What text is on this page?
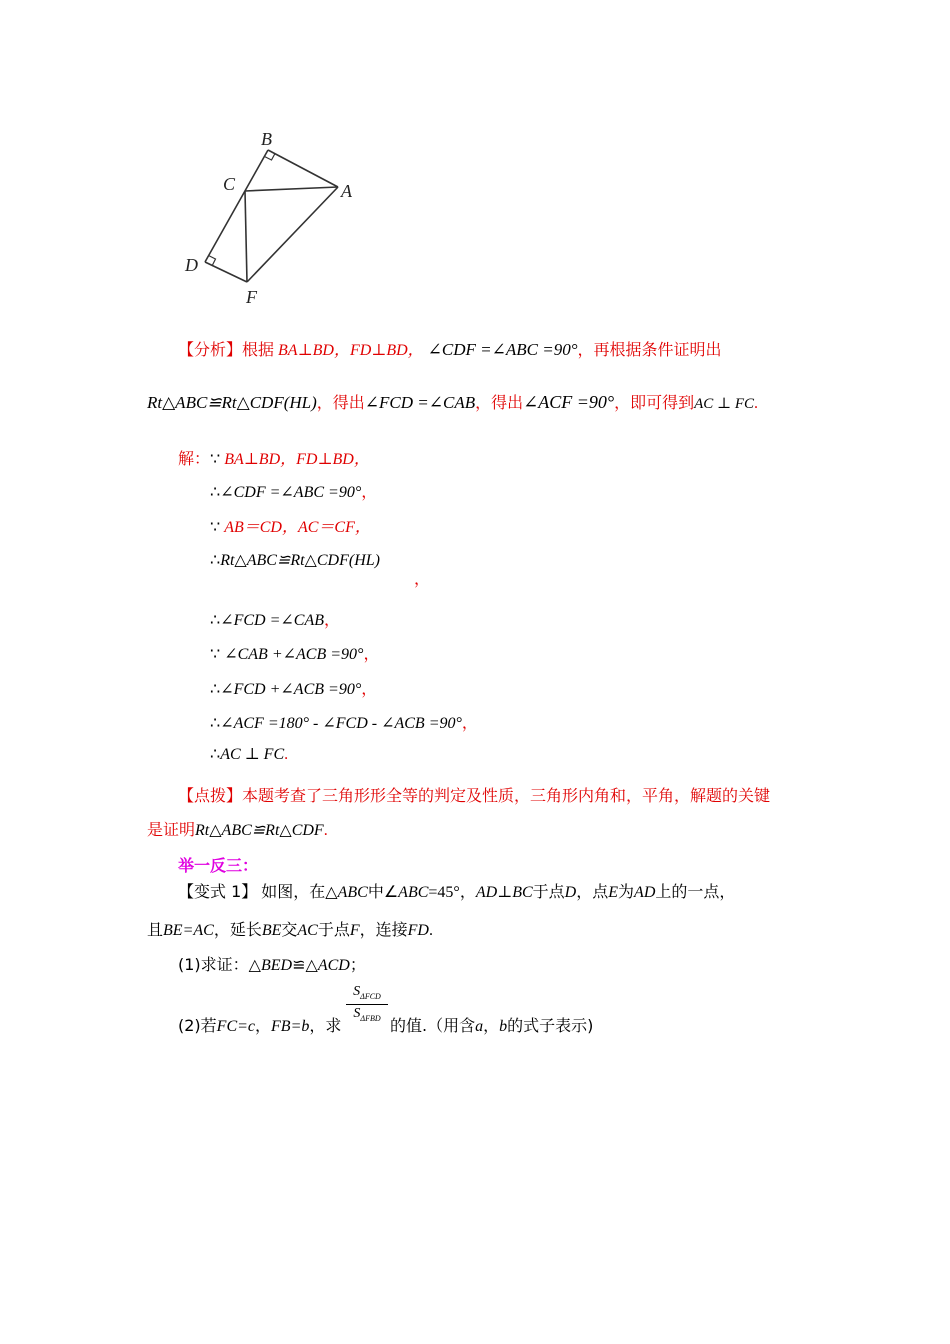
B
C	A
D
F
【分析】根据 BA⊥BD，FD⊥BD， ∠CDF =∠ABC =90°，再根据条件证明出
Rt△ABC≌Rt△CDF(HL)，得出∠FCD =∠CAB，得出∠ACF =90°，即可得到AC ⊥ FC.
解：∵ BA⊥BD，FD⊥BD，
∴∠CDF =∠ABC =90°，
∵ AB＝CD，AC＝CF，
∴Rt△ABC≌Rt△CDF(HL)
，
∴∠FCD =∠CAB，
∵ ∠CAB +∠ACB =90°，
∴∠FCD +∠ACB =90°，
∴∠ACF =180° - ∠FCD - ∠ACB =90°，
∴AC ⊥ FC.
【点拨】本题考查了三角形形全等的判定及性质，三角形内角和，平角，解题的关键
是证明Rt△ABC≌Rt△CDF.
举一反三：
【变式 1】 如图，在△ABC中∠ABC=45°，AD⊥BC于点D，点E为AD上的一点，
且BE=AC，延长BE交AC于点F，连接FD.
(1)求证：△BED≌△ACD；
$S_{\Delta FCD}$
$S_{\Delta FBD}$
(2)若FC=c，FB=b，求	的值.（用含a，b的式子表示)
